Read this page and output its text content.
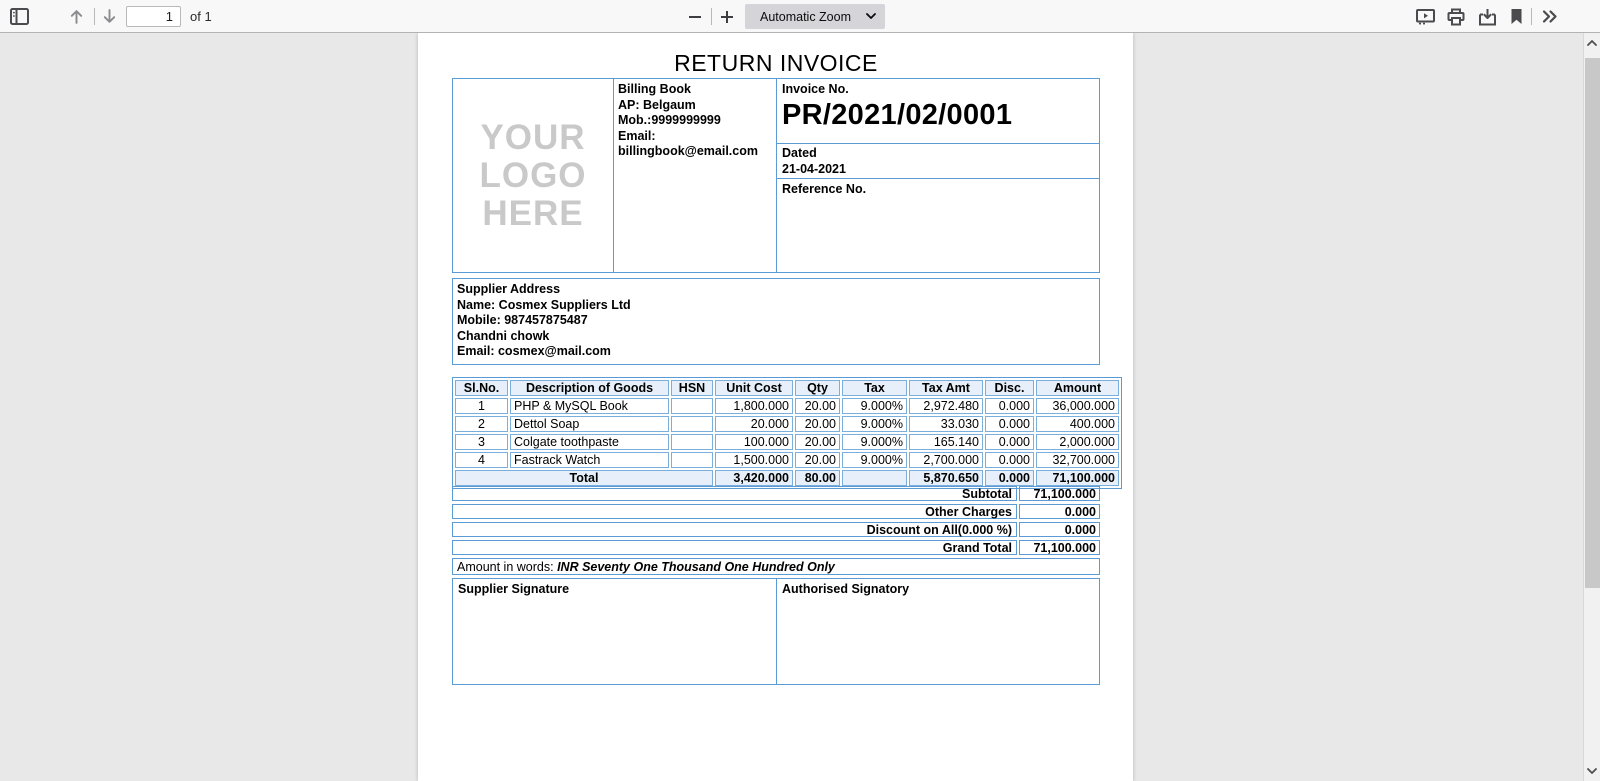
1
of 1	Automatic Zoom
RETURN INVOICE
YOUR
LOGO
HERE
Billing Book
AP: Belgaum
Mob.:9999999999
Email:
billingbook@email.com
Invoice No.
PR/2021/02/0001
Dated
21-04-2021
Reference No.
Supplier Address
Name: Cosmex Suppliers Ltd
Mobile: 987457875487
Chandni chowk
Email: cosmex@mail.com
Sl.No.	Description of Goods	HSN	Unit Cost	Qty	Tax	Tax Amt	Disc.	Amount
1	PHP & MySQL Book		1,800.000	20.00	9.000%	2,972.480	0.000	36,000.000
2	Dettol Soap		20.000	20.00	9.000%	33.030	0.000	400.000
3	Colgate toothpaste		100.000	20.00	9.000%	165.140	0.000	2,000.000
4	Fastrack Watch		1,500.000	20.00	9.000%	2,700.000	0.000	32,700.000
Total			3,420.000	80.00		5,870.650	0.000	71,100.000
Subtotal	71,100.000
Other Charges	0.000
Discount on All(0.000 %)	0.000
Grand Total	71,100.000
Amount in words: INR Seventy One Thousand One Hundred Only
Supplier Signature	Authorised Signatory
